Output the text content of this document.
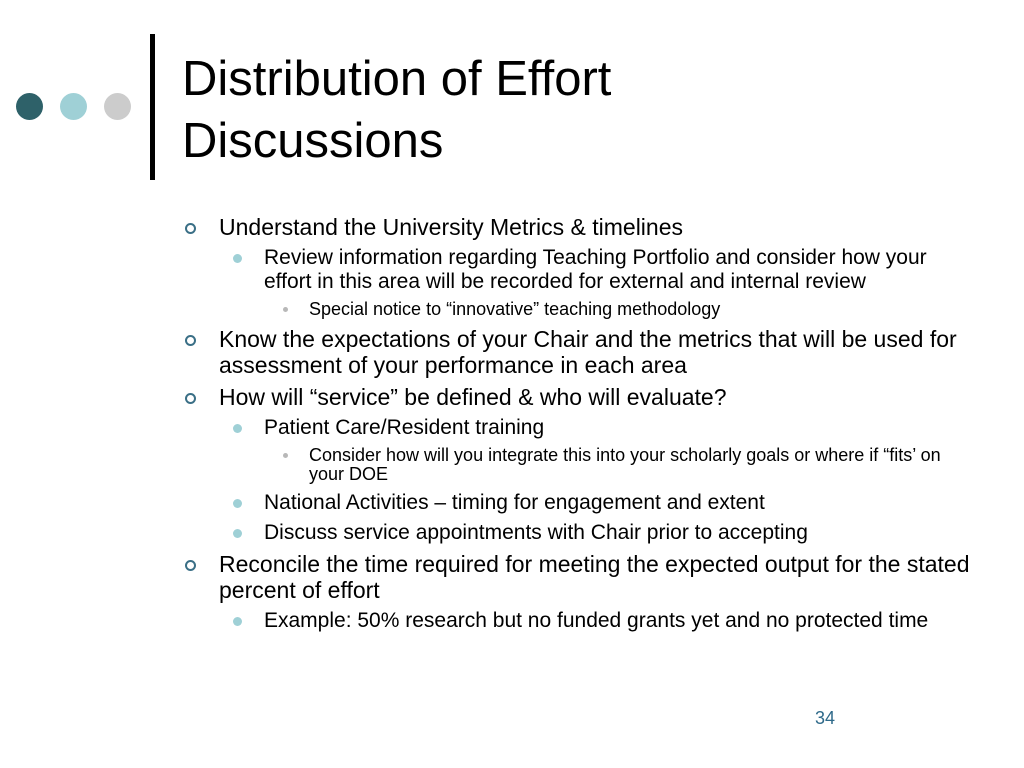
Distribution of Effort
Discussions
Understand the University Metrics & timelines
Review information regarding Teaching Portfolio and consider how your effort in this area will be recorded for external and internal review
Special notice to “innovative” teaching methodology
Know the expectations of your Chair and the metrics that will be used for assessment of your performance in each area
How will “service” be defined & who will evaluate?
Patient Care/Resident training
Consider how will you integrate this into your scholarly goals or where if “fits’ on your DOE
National Activities – timing for engagement and extent
Discuss service appointments with Chair prior to accepting
Reconcile the time required for meeting the expected output for the stated percent of effort
Example: 50% research but no funded grants yet and no protected time
34
